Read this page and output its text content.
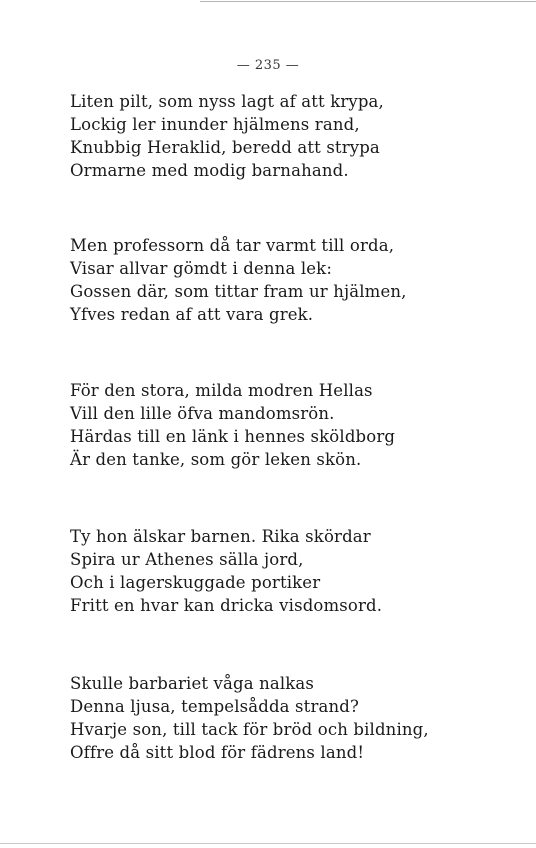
— 235 —
Liten pilt, som nyss lagt af att krypa,
Lockig ler inunder hjälmens rand,
Knubbig Heraklid, beredd att strypa
Ormarne med modig barnahand.
Men professorn då tar varmt till orda,
Visar allvar gömdt i denna lek:
Gossen där, som tittar fram ur hjälmen,
Yfves redan af att vara grek.
För den stora, milda modren Hellas
Vill den lille öfva mandomsrön.
Härdas till en länk i hennes sköldborg
Är den tanke, som gör leken skön.
Ty hon älskar barnen. Rika skördar
Spira ur Athenes sälla jord,
Och i lagerskuggade portiker
Fritt en hvar kan dricka visdomsord.
Skulle barbariet våga nalkas
Denna ljusa, tempelsådda strand?
Hvarje son, till tack för bröd och bildning,
Offre då sitt blod för fädrens land!
